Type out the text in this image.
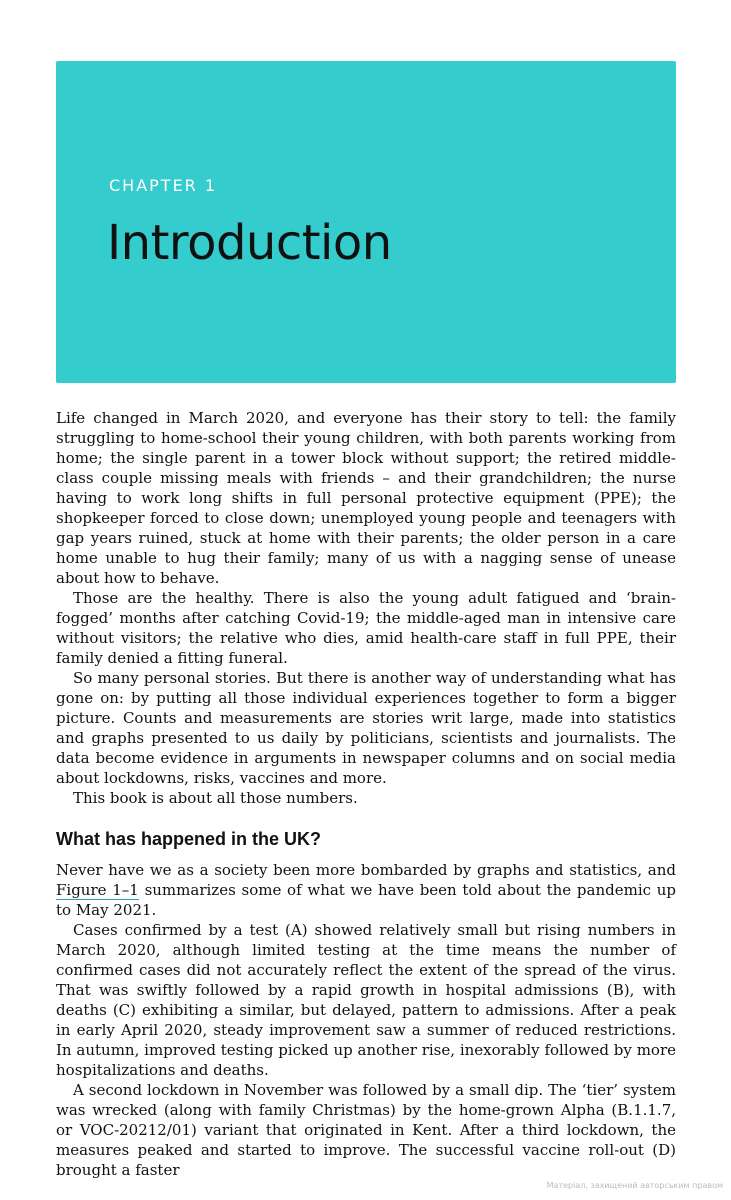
CHAPTER 1
Introduction

Life changed in March 2020, and everyone has their story to tell: the family struggling to home-school their young children, with both parents working from home; the single parent in a tower block without support; the retired middle-class couple missing meals with friends – and their grandchildren; the nurse having to work long shifts in full personal protective equipment (PPE); the shopkeeper forced to close down; unemployed young people and teenagers with gap years ruined, stuck at home with their parents; the older person in a care home unable to hug their family; many of us with a nagging sense of unease about how to behave.

Those are the healthy. There is also the young adult fatigued and ‘brain-fogged’ months after catching Covid-19; the middle-aged man in intensive care without visitors; the relative who dies, amid health-care staff in full PPE, their family denied a fitting funeral.

So many personal stories. But there is another way of understanding what has gone on: by putting all those individual experiences together to form a bigger picture. Counts and measurements are stories writ large, made into statistics and graphs presented to us daily by politicians, scientists and journalists. The data become evidence in arguments in newspaper columns and on social media about lockdowns, risks, vaccines and more.

This book is about all those numbers.

What has happened in the UK?

Never have we as a society been more bombarded by graphs and statistics, and Figure 1–1 summarizes some of what we have been told about the pandemic up to May 2021.

Cases confirmed by a test (A) showed relatively small but rising numbers in March 2020, although limited testing at the time means the number of confirmed cases did not accurately reflect the extent of the spread of the virus. That was swiftly followed by a rapid growth in hospital admissions (B), with deaths (C) exhibiting a similar, but delayed, pattern to admissions. After a peak in early April 2020, steady improvement saw a summer of reduced restrictions. In autumn, improved testing picked up another rise, inexorably followed by more hospitalizations and deaths.

A second lockdown in November was followed by a small dip. The ‘tier’ system was wrecked (along with family Christmas) by the home-grown Alpha (B.1.1.7, or VOC-20212/01) variant that originated in Kent. After a third lockdown, the measures peaked and started to improve. The successful vaccine roll-out (D) brought a faster

Матеріал, захищений авторським правом
